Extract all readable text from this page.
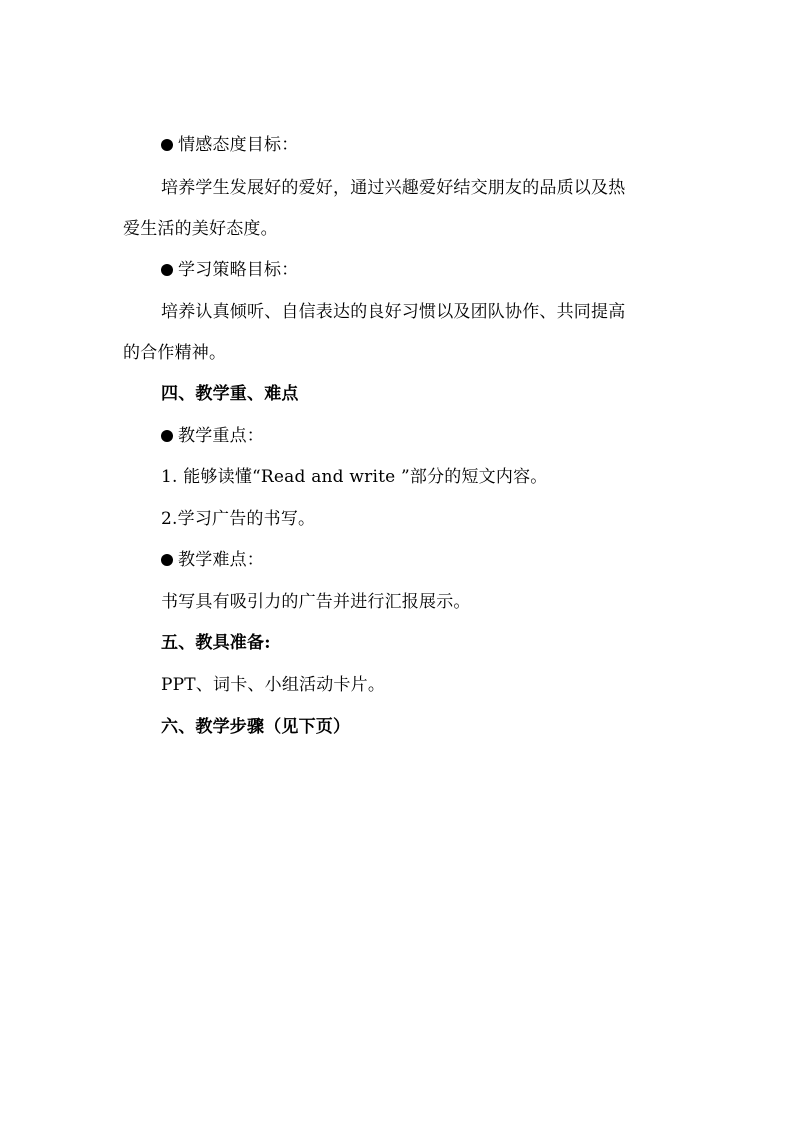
情感态度目标：
培养学生发展好的爱好，通过兴趣爱好结交朋友的品质以及热
爱生活的美好态度。
学习策略目标：
培养认真倾听、自信表达的良好习惯以及团队协作、共同提高
的合作精神。
四、教学重、难点
教学重点：
1. 能够读懂“Read and write ”部分的短文内容。
2.学习广告的书写。
教学难点：
书写具有吸引力的广告并进行汇报展示。
五、教具准备:
PPT、词卡、小组活动卡片。
六、教学步骤（见下页）
